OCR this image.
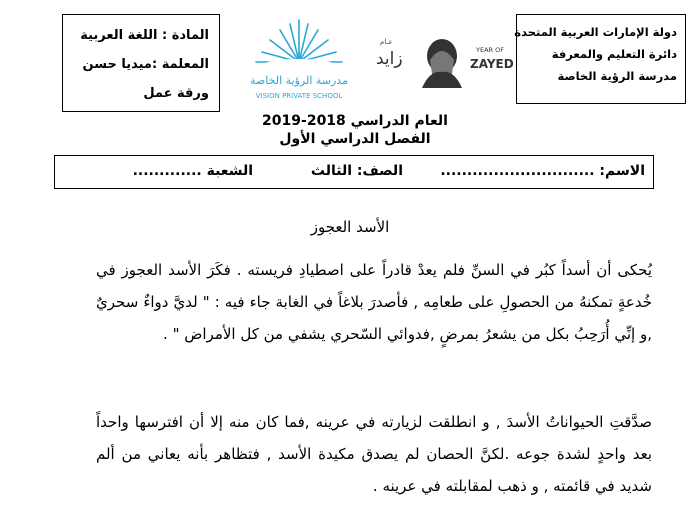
دولة الإمارات العربية المتحدة
دائرة التعليم والمعرفة
مدرسة الرؤية الخاصة
المادة : اللغة العربية
المعلمة :ميديا حسن
ورقة عمل
مدرسة الرؤية الخاصة
VISION PRIVATE SCHOOL
عـام
زايد	YEAR OF
ZAYED
العام الدراسي 2018-2019
الفصل الدراسي الأول
الاسم: .............................
الصف: الثالث
الشعبة .............
الأسد العجوز
يُحكى أن أسداً كبُر في السنِّ فلم يعدْ قادراً على اصطيادِ فريسته . فكَرَ الأسد العجوز في خُدعةٍ تمكنهُ من الحصولِ على طعامِه , فأصدرَ بلاغاً في الغابة جاء فيه : " لديَّ دواءٌ سحريٌ ,و إنِّي أُرَحِبُ بكل من يشعرُ بمرضٍ ,فدوائي السّحري يشفي من كل الأمراض " .
صدَّقتِ الحيواناتُ الأسدَ , و انطلقت لزيارته في عرينه ,فما كان منه إلا أن افترسها واحداً بعد واحدٍ لشدة جوعه .لكنَّ الحصان لم يصدق مكيدة الأسد , فتظاهر بأنه يعاني من ألم شديد في قائمته , و ذهب لمقابلته في عرينه .
